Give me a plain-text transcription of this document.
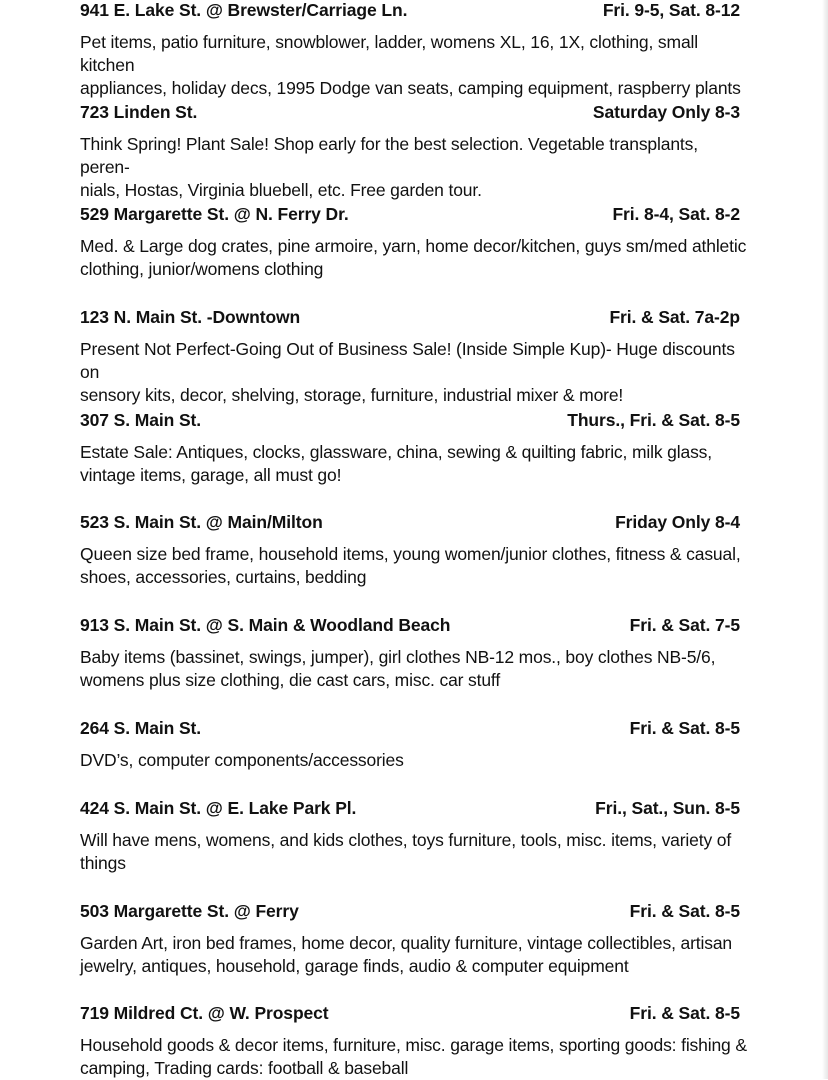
941 E. Lake St. @ Brewster/Carriage Ln.	Fri. 9-5, Sat. 8-12
Pet items, patio furniture, snowblower, ladder, womens XL, 16, 1X, clothing, small kitchen
appliances, holiday decs, 1995 Dodge van seats, camping equipment, raspberry plants
723 Linden St.	Saturday Only 8-3
Think Spring! Plant Sale! Shop early for the best selection. Vegetable transplants, peren-
nials, Hostas, Virginia bluebell, etc. Free garden tour.
529 Margarette St. @ N. Ferry Dr.	Fri. 8-4, Sat. 8-2
Med. & Large dog crates, pine armoire, yarn, home decor/kitchen, guys sm/med athletic
clothing, junior/womens clothing
123 N. Main St. -Downtown	Fri. & Sat. 7a-2p
Present Not Perfect-Going Out of Business Sale! (Inside Simple Kup)- Huge discounts on
sensory kits, decor, shelving, storage, furniture, industrial mixer & more!
307 S. Main St.	Thurs., Fri. & Sat. 8-5
Estate Sale: Antiques, clocks, glassware, china, sewing & quilting fabric, milk glass,
vintage items, garage, all must go!
523 S. Main St. @ Main/Milton	Friday Only 8-4
Queen size bed frame, household items, young women/junior clothes, fitness & casual,
shoes, accessories, curtains, bedding
913 S. Main St. @ S. Main & Woodland Beach	Fri. & Sat. 7-5
Baby items (bassinet, swings, jumper), girl clothes NB-12 mos., boy clothes NB-5/6,
womens plus size clothing, die cast cars, misc. car stuff
264 S. Main St.	Fri. & Sat. 8-5
DVD’s, computer components/accessories
424 S. Main St. @ E. Lake Park Pl.	Fri., Sat., Sun. 8-5
Will have mens, womens, and kids clothes, toys furniture, tools, misc. items, variety of
things
503 Margarette St. @ Ferry	Fri. & Sat. 8-5
Garden Art, iron bed frames, home decor, quality furniture, vintage collectibles, artisan
jewelry, antiques, household, garage finds, audio & computer equipment
719 Mildred Ct. @ W. Prospect	Fri. & Sat. 8-5
Household goods & decor items, furniture, misc. garage items, sporting goods: fishing &
camping, Trading cards: football & baseball
